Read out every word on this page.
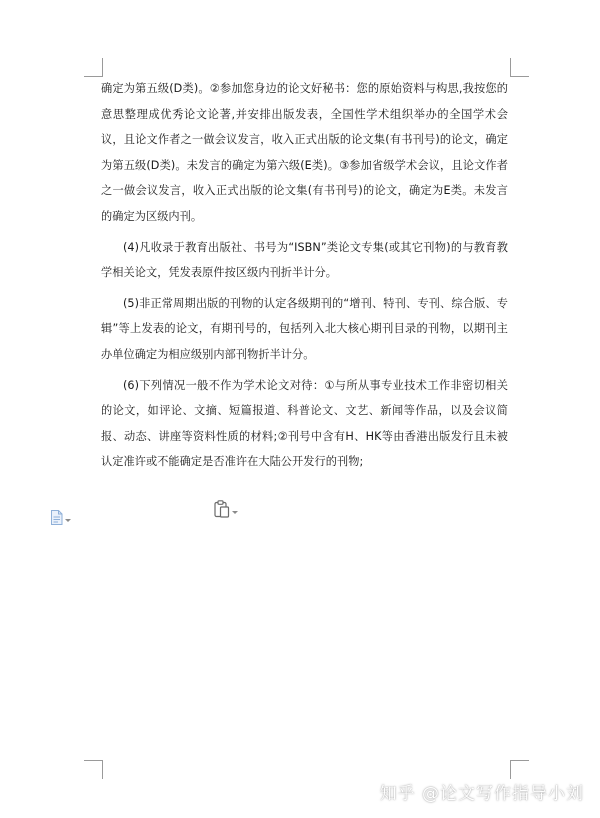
确定为第五级(D类)。②参加您身边的论文好秘书：您的原始资料与构思,我按您的意思整理成优秀论文论著,并安排出版发表，全国性学术组织举办的全国学术会议，且论文作者之一做会议发言，收入正式出版的论文集(有书刊号)的论文，确定为第五级(D类)。未发言的确定为第六级(E类)。③参加省级学术会议，且论文作者之一做会议发言，收入正式出版的论文集(有书刊号)的论文，确定为E类。未发言的确定为区级内刊。

(4)凡收录于教育出版社、书号为“ISBN”类论文专集(或其它刊物)的与教育教学相关论文，凭发表原件按区级内刊折半计分。

(5)非正常周期出版的刊物的认定各级期刊的“增刊、特刊、专刊、综合版、专辑”等上发表的论文，有期刊号的，包括列入北大核心期刊目录的刊物，以期刊主办单位确定为相应级别内部刊物折半计分。

(6)下列情况一般不作为学术论文对待：①与所从事专业技术工作非密切相关的论文，如评论、文摘、短篇报道、科普论文、文艺、新闻等作品，以及会议简报、动态、讲座等资料性质的材料;②刊号中含有H、HK等由香港出版发行且未被认定准许或不能确定是否准许在大陆公开发行的刊物;

知乎 @论文写作指导小刘
